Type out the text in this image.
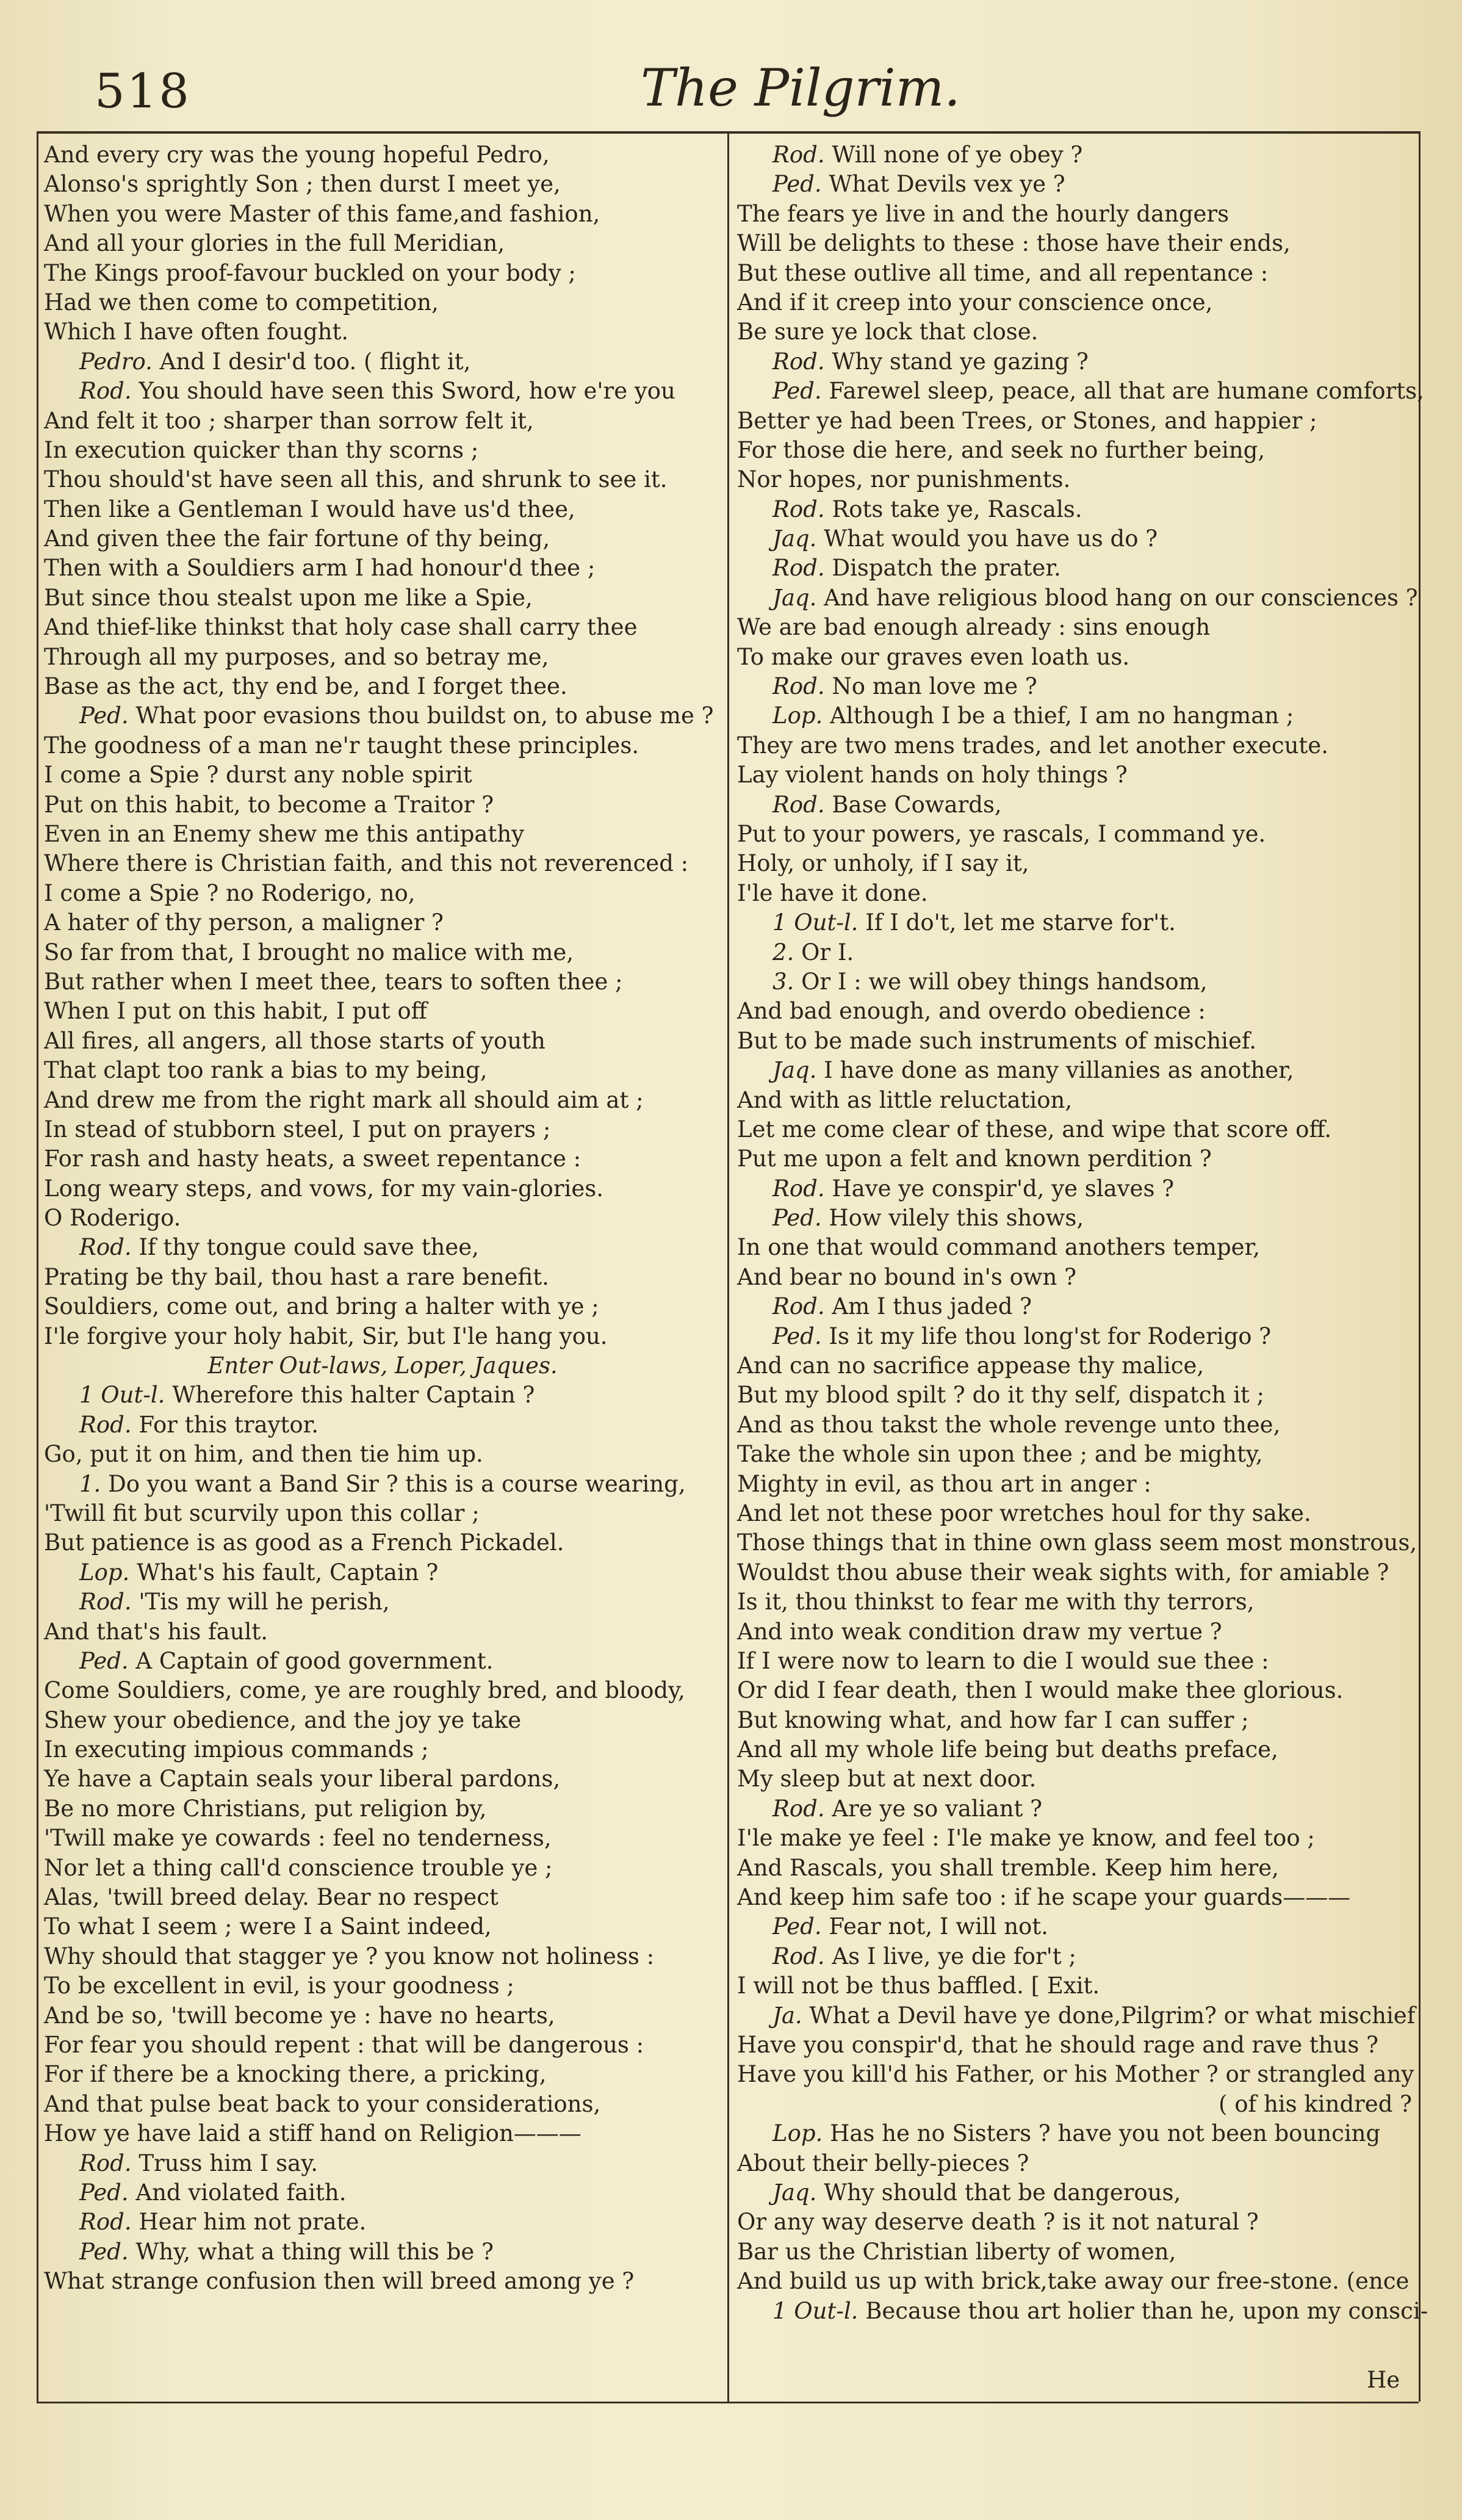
518	The Pilgrim.
And every cry was the young hopeful Pedro,
Alonso's sprightly Son ; then durst I meet ye,
When you were Master of this fame,and fashion,
And all your glories in the full Meridian,
The Kings proof-favour buckled on your body ;
Had we then come to competition,
Which I have often fought.
Pedro. And I desir'd too. ( flight it,
Rod. You should have seen this Sword, how e're you
And felt it too ; sharper than sorrow felt it,
In execution quicker than thy scorns ;
Thou should'st have seen all this, and shrunk to see it.
Then like a Gentleman I would have us'd thee,
And given thee the fair fortune of thy being,
Then with a Souldiers arm I had honour'd thee ;
But since thou stealst upon me like a Spie,
And thief-like thinkst that holy case shall carry thee
Through all my purposes, and so betray me,
Base as the act, thy end be, and I forget thee.
Ped. What poor evasions thou buildst on, to abuse me ?
The goodness of a man ne'r taught these principles.
I come a Spie ? durst any noble spirit
Put on this habit, to become a Traitor ?
Even in an Enemy shew me this antipathy
Where there is Christian faith, and this not reverenced :
I come a Spie ? no Roderigo, no,
A hater of thy person, a maligner ?
So far from that, I brought no malice with me,
But rather when I meet thee, tears to soften thee ;
When I put on this habit, I put off
All fires, all angers, all those starts of youth
That clapt too rank a bias to my being,
And drew me from the right mark all should aim at ;
In stead of stubborn steel, I put on prayers ;
For rash and hasty heats, a sweet repentance :
Long weary steps, and vows, for my vain-glories.
O Roderigo.
Rod. If thy tongue could save thee,
Prating be thy bail, thou hast a rare benefit.
Souldiers, come out, and bring a halter with ye ;
I'le forgive your holy habit, Sir, but I'le hang you.
Enter Out-laws, Loper, Jaques.
1 Out-l. Wherefore this halter Captain ?
Rod. For this traytor.
Go, put it on him, and then tie him up.
1. Do you want a Band Sir ? this is a course wearing,
'Twill fit but scurvily upon this collar ;
But patience is as good as a French Pickadel.
Lop. What's his fault, Captain ?
Rod. 'Tis my will he perish,
And that's his fault.
Ped. A Captain of good government.
Come Souldiers, come, ye are roughly bred, and bloody,
Shew your obedience, and the joy ye take
In executing impious commands ;
Ye have a Captain seals your liberal pardons,
Be no more Christians, put religion by,
'Twill make ye cowards : feel no tenderness,
Nor let a thing call'd conscience trouble ye ;
Alas, 'twill breed delay. Bear no respect
To what I seem ; were I a Saint indeed,
Why should that stagger ye ? you know not holiness :
To be excellent in evil, is your goodness ;
And be so, 'twill become ye : have no hearts,
For fear you should repent : that will be dangerous :
For if there be a knocking there, a pricking,
And that pulse beat back to your considerations,
How ye have laid a stiff hand on Religion———
Rod. Truss him I say.
Ped. And violated faith.
Rod. Hear him not prate.
Ped. Why, what a thing will this be ?
What strange confusion then will breed among ye ?
Rod. Will none of ye obey ?
Ped. What Devils vex ye ?
The fears ye live in and the hourly dangers
Will be delights to these : those have their ends,
But these outlive all time, and all repentance :
And if it creep into your conscience once,
Be sure ye lock that close.
Rod. Why stand ye gazing ?
Ped. Farewel sleep, peace, all that are humane comforts,
Better ye had been Trees, or Stones, and happier ;
For those die here, and seek no further being,
Nor hopes, nor punishments.
Rod. Rots take ye, Rascals.
Jaq. What would you have us do ?
Rod. Dispatch the prater.
Jaq. And have religious blood hang on our consciences ?
We are bad enough already : sins enough
To make our graves even loath us.
Rod. No man love me ?
Lop. Although I be a thief, I am no hangman ;
They are two mens trades, and let another execute.
Lay violent hands on holy things ?
Rod. Base Cowards,
Put to your powers, ye rascals, I command ye.
Holy, or unholy, if I say it,
I'le have it done.
1 Out-l. If I do't, let me starve for't.
2. Or I.
3. Or I : we will obey things handsom,
And bad enough, and overdo obedience :
But to be made such instruments of mischief.
Jaq. I have done as many villanies as another,
And with as little reluctation,
Let me come clear of these, and wipe that score off.
Put me upon a felt and known perdition ?
Rod. Have ye conspir'd, ye slaves ?
Ped. How vilely this shows,
In one that would command anothers temper,
And bear no bound in's own ?
Rod. Am I thus jaded ?
Ped. Is it my life thou long'st for Roderigo ?
And can no sacrifice appease thy malice,
But my blood spilt ? do it thy self, dispatch it ;
And as thou takst the whole revenge unto thee,
Take the whole sin upon thee ; and be mighty,
Mighty in evil, as thou art in anger :
And let not these poor wretches houl for thy sake.
Those things that in thine own glass seem most monstrous,
Wouldst thou abuse their weak sights with, for amiable ?
Is it, thou thinkst to fear me with thy terrors,
And into weak condition draw my vertue ?
If I were now to learn to die I would sue thee :
Or did I fear death, then I would make thee glorious.
But knowing what, and how far I can suffer ;
And all my whole life being but deaths preface,
My sleep but at next door.
Rod. Are ye so valiant ?
I'le make ye feel : I'le make ye know, and feel too ;
And Rascals, you shall tremble. Keep him here,
And keep him safe too : if he scape your guards———
Ped. Fear not, I will not.
Rod. As I live, ye die for't ;
I will not be thus baffled. [ Exit.
Ja. What a Devil have ye done,Pilgrim? or what mischief
Have you conspir'd, that he should rage and rave thus ?
Have you kill'd his Father, or his Mother ? or strangled any
( of his kindred ?
Lop. Has he no Sisters ? have you not been bouncing
About their belly-pieces ?
Jaq. Why should that be dangerous,
Or any way deserve death ? is it not natural ?
Bar us the Christian liberty of women,
And build us up with brick,take away our free-stone. (ence
1 Out-l. Because thou art holier than he, upon my consci-
He
